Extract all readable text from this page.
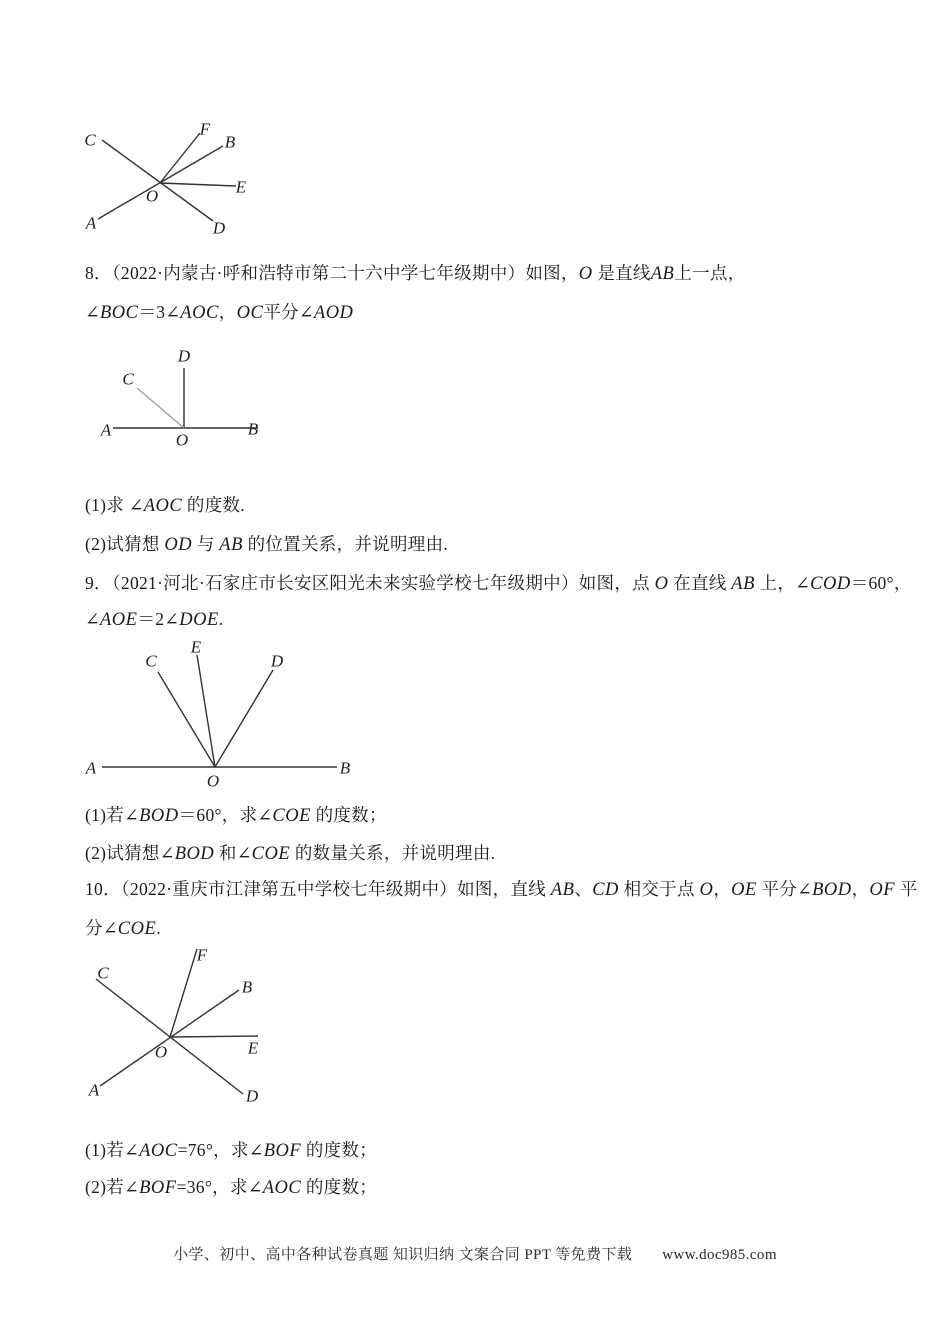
C
F
B
E
O
A	D
8．（2022·内蒙古·呼和浩特市第二十六中学七年级期中）如图，O 是直线AB上一点，
∠BOC＝3∠AOC，OC平分∠AOD
D
C
A
O
B
(1)求 ∠AOC 的度数.
(2)试猜想 OD 与 AB 的位置关系，并说明理由.
9．（2021·河北·石家庄市长安区阳光未来实验学校七年级期中）如图，点 O 在直线 AB 上，∠COD＝60°，
∠AOE＝2∠DOE.
C
E
D
A
O
B
(1)若∠BOD＝60°，求∠COE 的度数；
(2)试猜想∠BOD 和∠COE 的数量关系，并说明理由.
10．（2022·重庆市江津第五中学校七年级期中）如图，直线 AB、CD 相交于点 O，OE 平分∠BOD，OF 平
分∠COE.
F
C
B
O	E
A	D
(1)若∠AOC=76°，求∠BOF 的度数；
(2)若∠BOF=36°，求∠AOC 的度数；
小学、初中、高中各种试卷真题 知识归纳 文案合同 PPT 等免费下载 www.doc985.com
